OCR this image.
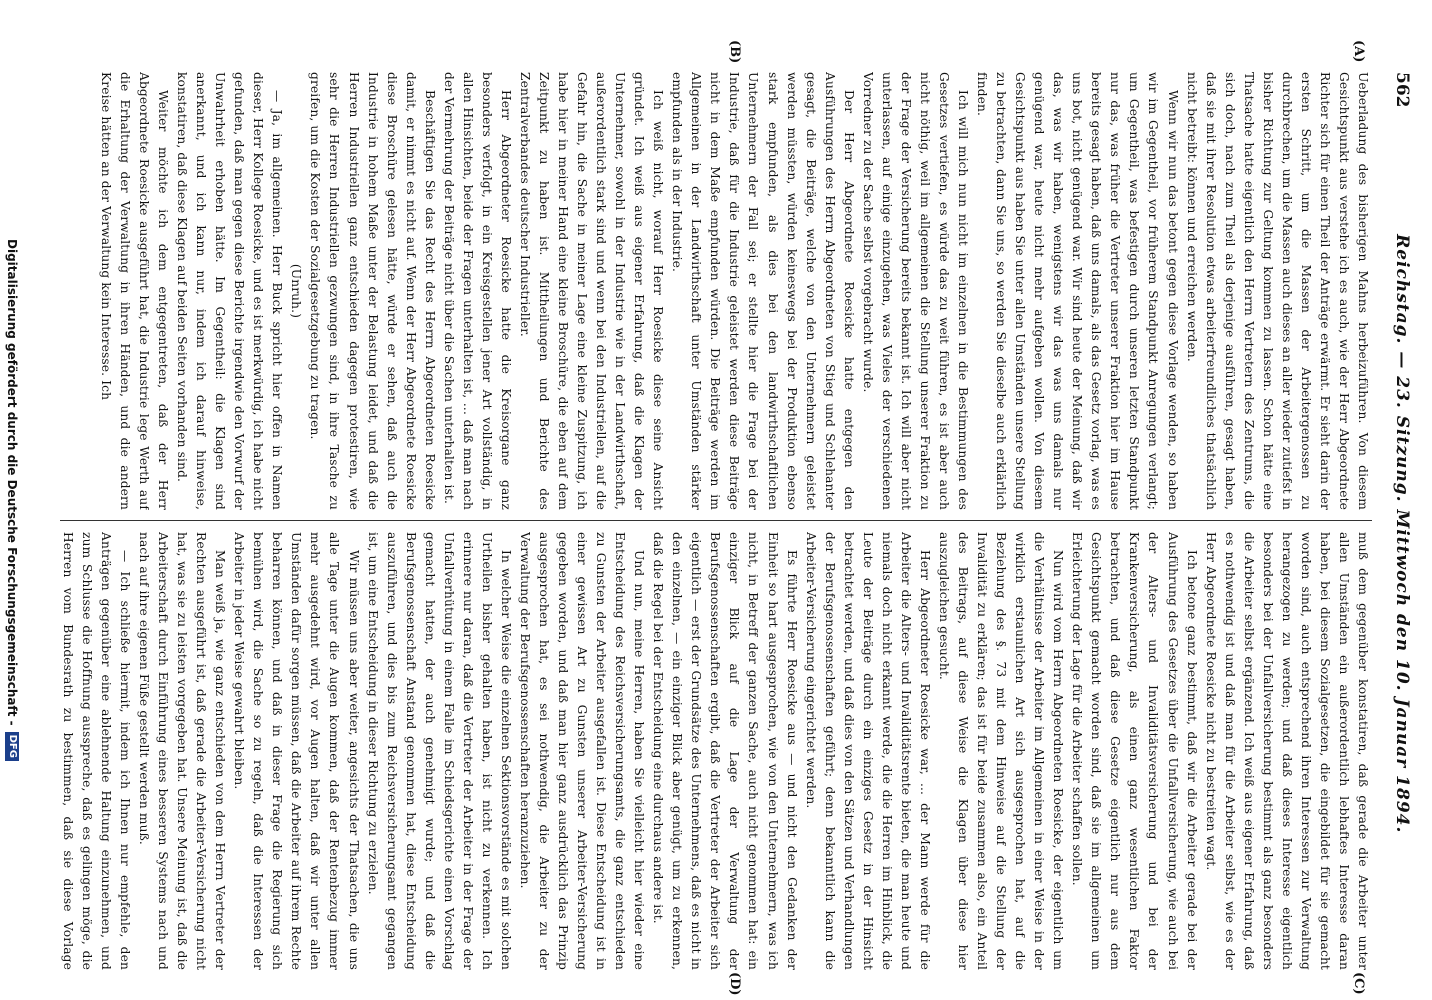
562
Reichstag. — 23. Sitzung. Mittwoch den 10. Januar 1894.
(A)
(B)
(C)
(D)

Ueberladung des bisherigen Mahns herbeizuführen. Von diesem Gesichtspunkt aus verstehe ich es auch, wie der Herr Abgeordnete Richter sich für einen Theil der Anträge erwärmt. Er sieht darin der ersten Schritt, um die Massen der Arbeitergenossen zu durchbrechen, um die Massen auch dieses an aller wieder zutiefst in bisher Richtung zur Geltung kommen zu lassen. Schon hätte eine Thatsache hatte eigentlich den Herrn Vertretern des Zentrums, die sich doch, nach zum Theil als derjenige ausführen, gesagt haben, daß sie mit ihrer Resolution etwas arbeiterfreundliches thatsächlich nicht betreibt: können und erreichen werden.

Wenn wir nun das betont gegen diese Vorlage wenden, so haben wir im Gegentheil, vor früherem Standpunkt Anregungen verlangt; um Gegentheil, was befestigen durch unseren letzten Standpunkt nur das, was früher die Vertreter unserer Fraktion hier im Hause bereits gesagt haben, daß uns damals, als das Gesetz vorlag, was es uns bot, nicht genügend war. Wir sind heute der Meinung, daß wir das, was wir haben, wenigstens wir das was uns damals nur genügend war, heute nicht mehr aufgeben wollen. Von diesem Gesichtspunkt aus haben Sie unter allen Umständen unsere Stellung zu betrachten, dann Sie uns, so werden Sie dieselbe auch erklärlich finden.

Ich will mich nun nicht im einzelnen in die Bestimmungen des Gesetzes vertiefen, es würde das zu weit führen, es ist aber auch nicht nöthig, weil im allgemeinen die Stellung unserer Fraktion zu der Frage der Versicherung bereits bekannt ist. Ich will aber nicht unterlassen, auf einige einzugehen, was Vieles der verschiedenen Vorredner zu der Sache selbst vorgebracht wurde.

Der Herr Abgeordnete Roesicke hatte entgegen den Ausführungen des Herrn Abgeordneten von Stieg und Schlehanter gesagt, die Beiträge, welche von den Unternehmern geleistet werden müssten, würden keineswegs bei der Produktion ebenso stark empfunden, als dies bei den landwirthschaftlichen Unternehmern der Fall sei; er stellte hier die Frage bei der Industrie, daß für die Industrie geleistet werden diese Beiträge nicht in dem Maße empfunden würden. Die Beiträge werden im Allgemeinen in der Landwirthschaft unter Umständen stärker empfunden als in der Industrie.

Ich weiß nicht, worauf Herr Roesicke diese seine Ansicht gründet. Ich weiß aus eigener Erfahrung, daß die Klagen der Unternehmer, sowohl in der Industrie wie in der Landwirthschaft, außerordentlich stark sind und wenn bei den Industriellen, auf die Gefahr hin, die Sache in meiner Lage eine kleine Zuspitzung, ich habe hier in meiner Hand eine kleine Broschüre, die eben auf dem Zeitpunkt zu haben ist. Mittheilungen und Berichte des Zentralverbandes deutscher Industrieller.

Herr Abgeordneter Roesicke hatte die Kreisorgane ganz besonders verfolgt, in ein Kreisgestellen jener Art vollständig, in allen Hinsichten, beide der Fragen unterhalten ist, ... daß man nach der Vermehrung der Beiträge nicht über die Sachen unterhalten ist.

Beschäftigen Sie das Recht des Herrn Abgeordneten Roesicke damit, er nimmt es nicht auf. Wenn der Herr Abgeordnete Roesicke diese Broschüre gelesen hätte, würde er sehen, daß auch die Industrie in hohem Maße unter der Belastung leidet, und daß die Herren Industriellen ganz entschieden dagegen protestiren, wie sehr die Herren Industriellen gezwungen sind, in ihre Tasche zu greifen, um die Kosten der Sozialgesetzgebung zu tragen.

(Unruh.)

— Ja, im allgemeinen. Herr Buck spricht hier offen in Namen dieser, Herr Kollege Roesicke, und es ist merkwürdig, ich habe nicht gefunden, daß man gegen diese Berichte irgendwie den Vorwurf der Unwahrheit erhoben hätte. Im Gegentheil: die Klagen sind anerkannt, und ich kann nur, indem ich darauf hinweise, konstatiren, daß diese Klagen auf beiden Seiten vorhanden sind.

Weiter möchte ich dem entgegentreten, daß der Herr Abgeordnete Roesicke ausgeführt hat, die Industrie lege Werth auf die Erhaltung der Verwaltung in ihren Händen, und die andern Kreise hätten an der Verwaltung kein Interesse. Ich

muß dem gegenüber konstatiren, daß gerade die Arbeiter unter allen Umständen ein außerordentlich lebhaftes Interesse daran haben, bei diesem Sozialgesetzen, die eingebildet für sie gemacht worden sind, auch entsprechend ihren Interessen zur Verwaltung herangezogen zu werden; und daß dieses Interesse eigentlich besonders bei der Unfallversicherung bestimmt als ganz besonders die Arbeiter selbst ergänzend. Ich weiß aus eigener Erfahrung, daß es nothwendig ist und daß man für die Arbeiter selbst, wie es der Herr Abgeordnete Roesicke nicht zu bestreiten wagt.

Ich betone ganz bestimmt, daß wir die Arbeiter gerade bei der Ausführung des Gesetzes über die Unfallversicherung, wie auch bei der Alters- und Invaliditätsversicherung und bei der Krankenversicherung, als einen ganz wesentlichen Faktor betrachten, und daß diese Gesetze eigentlich nur aus dem Gesichtspunkt gemacht worden sind, daß sie im allgemeinen um Erleichterung der Lage für die Arbeiter schaffen sollen.

Nun wird vom Herrn Abgeordneten Roesicke, der eigentlich um die Verhältnisse der Arbeiter im Allgemeinen in einer Weise in der wirklich erstaunlichen Art sich ausgesprochen hat, auf die Beziehung des §. 73 mit dem Hinweise auf die Stellung der Invalidität zu erklären; das ist für beide zusammen also, ein Anteil des Beitrags, auf diese Weise die Klagen über diese hier auszugleichen gesucht.

Herr Abgeordneter Roesicke war, ... der Mann werde für die Arbeiter die Alters- und Invaliditätsrente bieten, die man heute und niemals doch nicht erkannt werde, die die Herren im Hinblick, die Leute der Beiträge durch ein einziges Gesetz in der Hinsicht betrachtet werden, und daß dies von den Sätzen und Verhandlungen der Berufsgenossenschaften geführt; denn bekanntlich kann die Arbeiter-Versicherung eingerichtet werden.

Es führte Herr Roesicke aus — und nicht den Gedanken der Einheit so hart ausgesprochen, wie von den Unternehmern, was ich nicht, in Betreff der ganzen Sache, auch nicht genommen hat: ein einziger Blick auf die Lage der Verwaltung der Berufsgenossenschaften ergibt, daß die Vertreter der Arbeiter sich eigentlich — erst der Grundsätze des Unternehmens, daß es nicht in den einzelnen, — ein einziger Blick aber genügt, um zu erkennen, daß die Regel bei der Entscheidung eine durchaus andere ist.

Und nun, meine Herren, haben Sie vielleicht hier wieder eine Entscheidung des Reichsversicherungsamts, die ganz entschieden zu Gunsten der Arbeiter ausgefallen ist. Diese Entscheidung ist in einer gewissen Art zu Gunsten unserer Arbeiter-Versicherung gegeben worden, und daß man hier ganz ausdrücklich das Prinzip ausgesprochen hat, es sei nothwendig, die Arbeiter zu der Verwaltung der Berufsgenossenschaften heranzuziehen.

In welcher Weise die einzelnen Sektionsvorstände es mit solchen Urtheilen bisher gehalten haben, ist nicht zu verkennen. Ich erinnere nur daran, daß die Vertreter der Arbeiter in der Frage der Unfallverhütung in einem Falle im Schiedsgerichte einen Vorschlag gemacht hatten, der auch genehmigt wurde; und daß die Berufsgenossenschaft Anstand genommen hat, diese Entscheidung auszuführen, und dies bis zum Reichsversicherungsamt gegangen ist, um eine Entscheidung in dieser Richtung zu erzielen.

Wir müssen uns aber weiter, angesichts der Thatsachen, die uns alle Tage unter die Augen kommen, daß der Rentenbezug immer mehr ausgedehnt wird, vor Augen halten, daß wir unter allen Umständen dafür sorgen müssen, daß die Arbeiter auf ihrem Rechte beharren können, und daß in dieser Frage die Regierung sich bemühen wird, die Sache so zu regeln, daß die Interessen der Arbeiter in jeder Weise gewahrt bleiben.

Man weiß ja, wie ganz entschieden von dem Herrn Vertreter der Rechten ausgeführt ist, daß gerade die Arbeiter-Versicherung nicht hat, was sie zu leisten vorgegeben hat. Unsere Meinung ist, daß die Arbeiterschaft durch Einführung eines besseren Systems nach und nach auf ihre eigenen Füße gestellt werden muß.

— Ich schließe hiermit, indem ich Ihnen nur empfehle, den Anträgen gegenüber eine ablehnende Haltung einzunehmen, und zum Schlusse die Hoffnung ausspreche, daß es gelingen möge, die Herren vom Bundesrath zu bestimmen, daß sie diese Vorlage

Digitalisierung gefördert durch die Deutsche Forschungsgemeinschaft -
DFG
